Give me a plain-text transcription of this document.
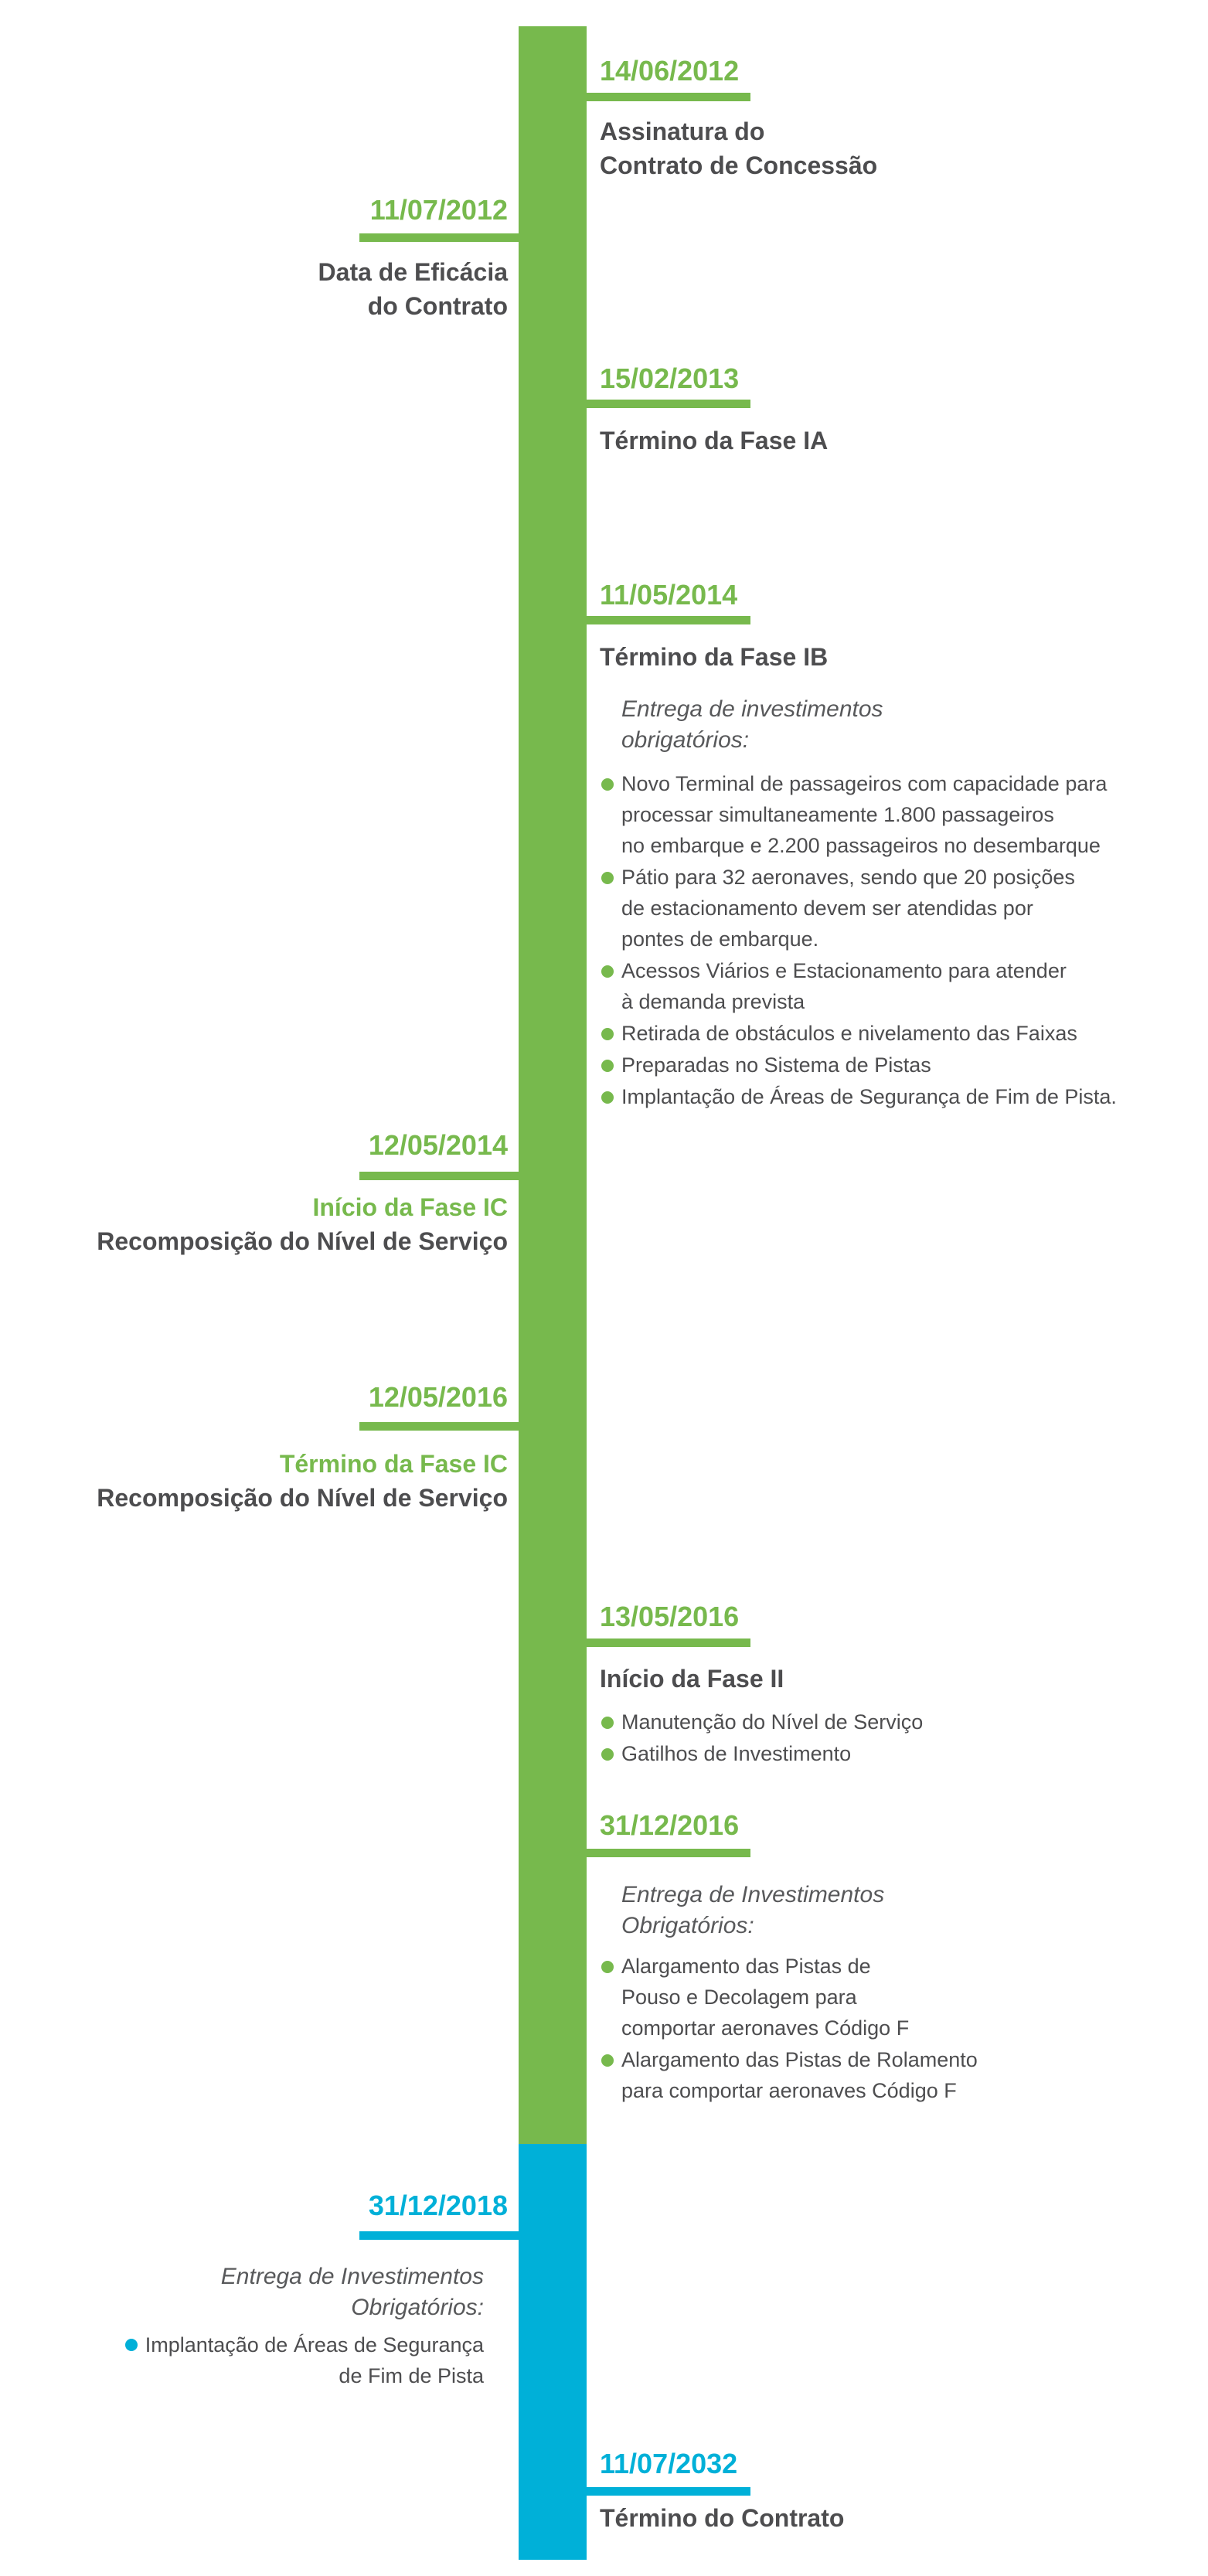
14/06/2012
Assinatura do
Contrato de Concessão
11/07/2012
Data de Eficácia
do Contrato
15/02/2013
Término da Fase IA
11/05/2014
Término da Fase IB
Entrega de investimentos
obrigatórios:
Novo Terminal de passageiros com capacidade para
processar simultaneamente 1.800 passageiros
no embarque e 2.200 passageiros no desembarque
Pátio para 32 aeronaves, sendo que 20 posições
de estacionamento devem ser atendidas por
pontes de embarque.
Acessos Viários e Estacionamento para atender
à demanda prevista
Retirada de obstáculos e nivelamento das Faixas
Preparadas no Sistema de Pistas
Implantação de Áreas de Segurança de Fim de Pista.
12/05/2014
Início da Fase IC
Recomposição do Nível de Serviço
12/05/2016
Término da Fase IC
Recomposição do Nível de Serviço
13/05/2016
Início da Fase II
Manutenção do Nível de Serviço
Gatilhos de Investimento
31/12/2016
Entrega de Investimentos
Obrigatórios:
Alargamento das Pistas de
Pouso e Decolagem para
comportar aeronaves Código F
Alargamento das Pistas de Rolamento
para comportar aeronaves Código F
31/12/2018
Entrega de Investimentos
Obrigatórios:
Implantação de Áreas de Segurança
de Fim de Pista
11/07/2032
Término do Contrato
